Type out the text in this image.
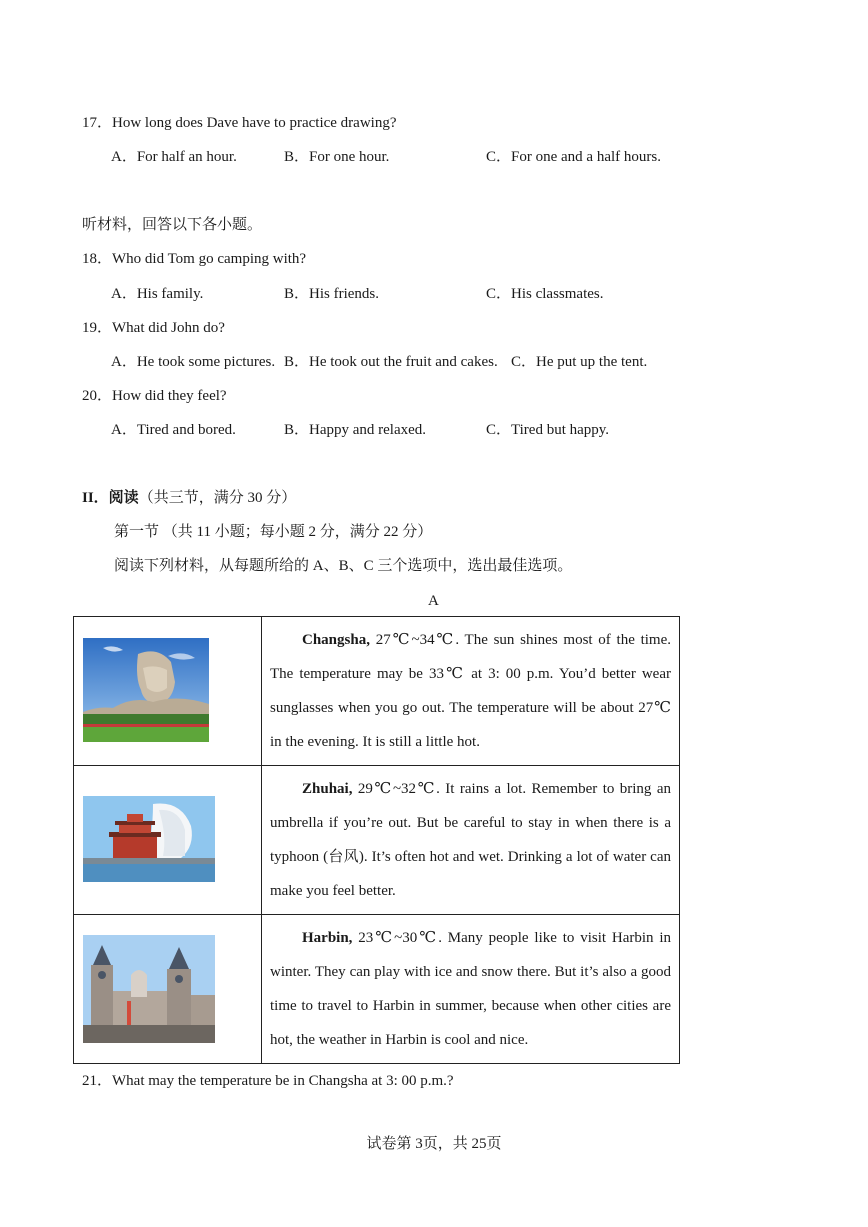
17．How long does Dave have to practice drawing?
A．For half an hour.	B．For one hour.	C．For one and a half hours.
听材料，回答以下各小题。
18．Who did Tom go camping with?
A．His family.	B．His friends.	C．His classmates.
19．What did John do?
A．He took some pictures. B．He took out the fruit and cakes. C．He put up the tent.
20．How did they feel?
A．Tired and bored.	B．Happy and relaxed.	C．Tired but happy.
II．阅读（共三节，满分 30 分）
第一节 （共 11 小题；每小题 2 分，满分 22 分）
阅读下列材料，从每题所给的 A、B、C 三个选项中，选出最佳选项。
A
	Changsha, 27℃~34℃. The sun shines most of the time. The temperature may be 33℃ at 3: 00 p.m. You’d better wear sunglasses when you go out. The temperature will be about 27℃ in the evening. It is still a little hot.

	Zhuhai, 29℃~32℃. It rains a lot. Remember to bring an umbrella if you’re out. But be careful to stay in when there is a typhoon (台风). It’s often hot and wet. Drinking a lot of water can make you feel better.

	Harbin, 23℃~30℃. Many people like to visit Harbin in winter. They can play with ice and snow there. But it’s also a good time to travel to Harbin in summer, because when other cities are hot, the weather in Harbin is cool and nice.
21．What may the temperature be in Changsha at 3: 00 p.m.?
试卷第 3页，共 25页
